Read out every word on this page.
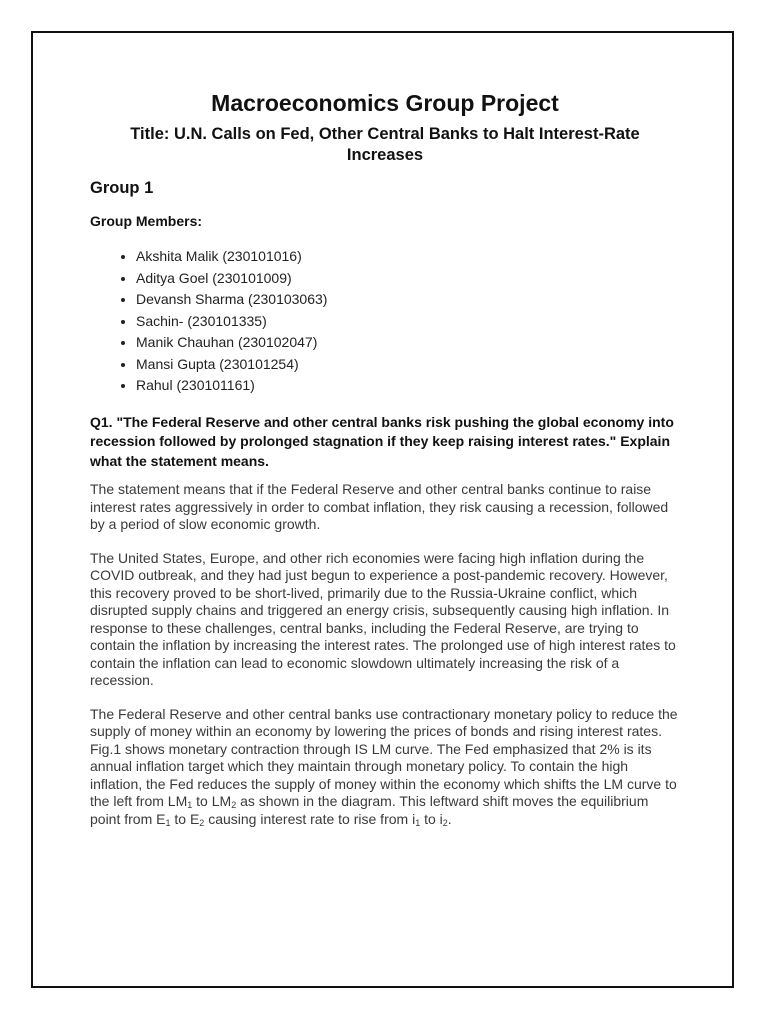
Macroeconomics Group Project
Title: U.N. Calls on Fed, Other Central Banks to Halt Interest-Rate Increases
Group 1
Group Members:
• Akshita Malik (230101016)
• Aditya Goel (230101009)
• Devansh Sharma (230103063)
• Sachin- (230101335)
• Manik Chauhan (230102047)
• Mansi Gupta (230101254)
• Rahul (230101161)
Q1. "The Federal Reserve and other central banks risk pushing the global economy into recession followed by prolonged stagnation if they keep raising interest rates." Explain what the statement means.

The statement means that if the Federal Reserve and other central banks continue to raise interest rates aggressively in order to combat inflation, they risk causing a recession, followed by a period of slow economic growth.

The United States, Europe, and other rich economies were facing high inflation during the COVID outbreak, and they had just begun to experience a post-pandemic recovery. However, this recovery proved to be short-lived, primarily due to the Russia-Ukraine conflict, which disrupted supply chains and triggered an energy crisis, subsequently causing high inflation. In response to these challenges, central banks, including the Federal Reserve, are trying to contain the inflation by increasing the interest rates. The prolonged use of high interest rates to contain the inflation can lead to economic slowdown ultimately increasing the risk of a recession.

The Federal Reserve and other central banks use contractionary monetary policy to reduce the supply of money within an economy by lowering the prices of bonds and rising interest rates. Fig.1 shows monetary contraction through IS LM curve. The Fed emphasized that 2% is its annual inflation target which they maintain through monetary policy. To contain the high inflation, the Fed reduces the supply of money within the economy which shifts the LM curve to the left from $LM_1$ to $LM_2$ as shown in the diagram. This leftward shift moves the equilibrium point from $E_1$ to $E_2$ causing interest rate to rise from $i_1$ to $i_2$.
